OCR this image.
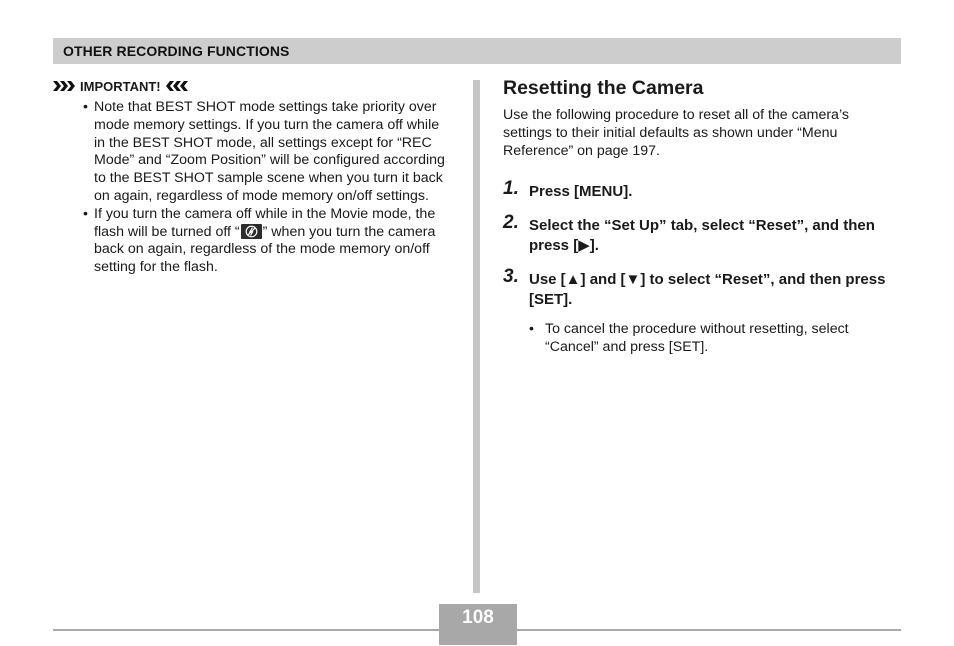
OTHER RECORDING FUNCTIONS
IMPORTANT!
• Note that BEST SHOT mode settings take priority over mode memory settings. If you turn the camera off while in the BEST SHOT mode, all settings except for “REC Mode” and “Zoom Position” will be configured according to the BEST SHOT sample scene when you turn it back on again, regardless of mode memory on/off settings.
• If you turn the camera off while in the Movie mode, the flash will be turned off “ ” when you turn the camera back on again, regardless of the mode memory on/off setting for the flash.
Resetting the Camera

Use the following procedure to reset all of the camera’s settings to their initial defaults as shown under “Menu Reference” on page 197.

1. Press [MENU].
2. Select the “Set Up” tab, select “Reset”, and then press [▶].
3. Use [▲] and [▼] to select “Reset”, and then press [SET].
• To cancel the procedure without resetting, select “Cancel” and press [SET].
108
